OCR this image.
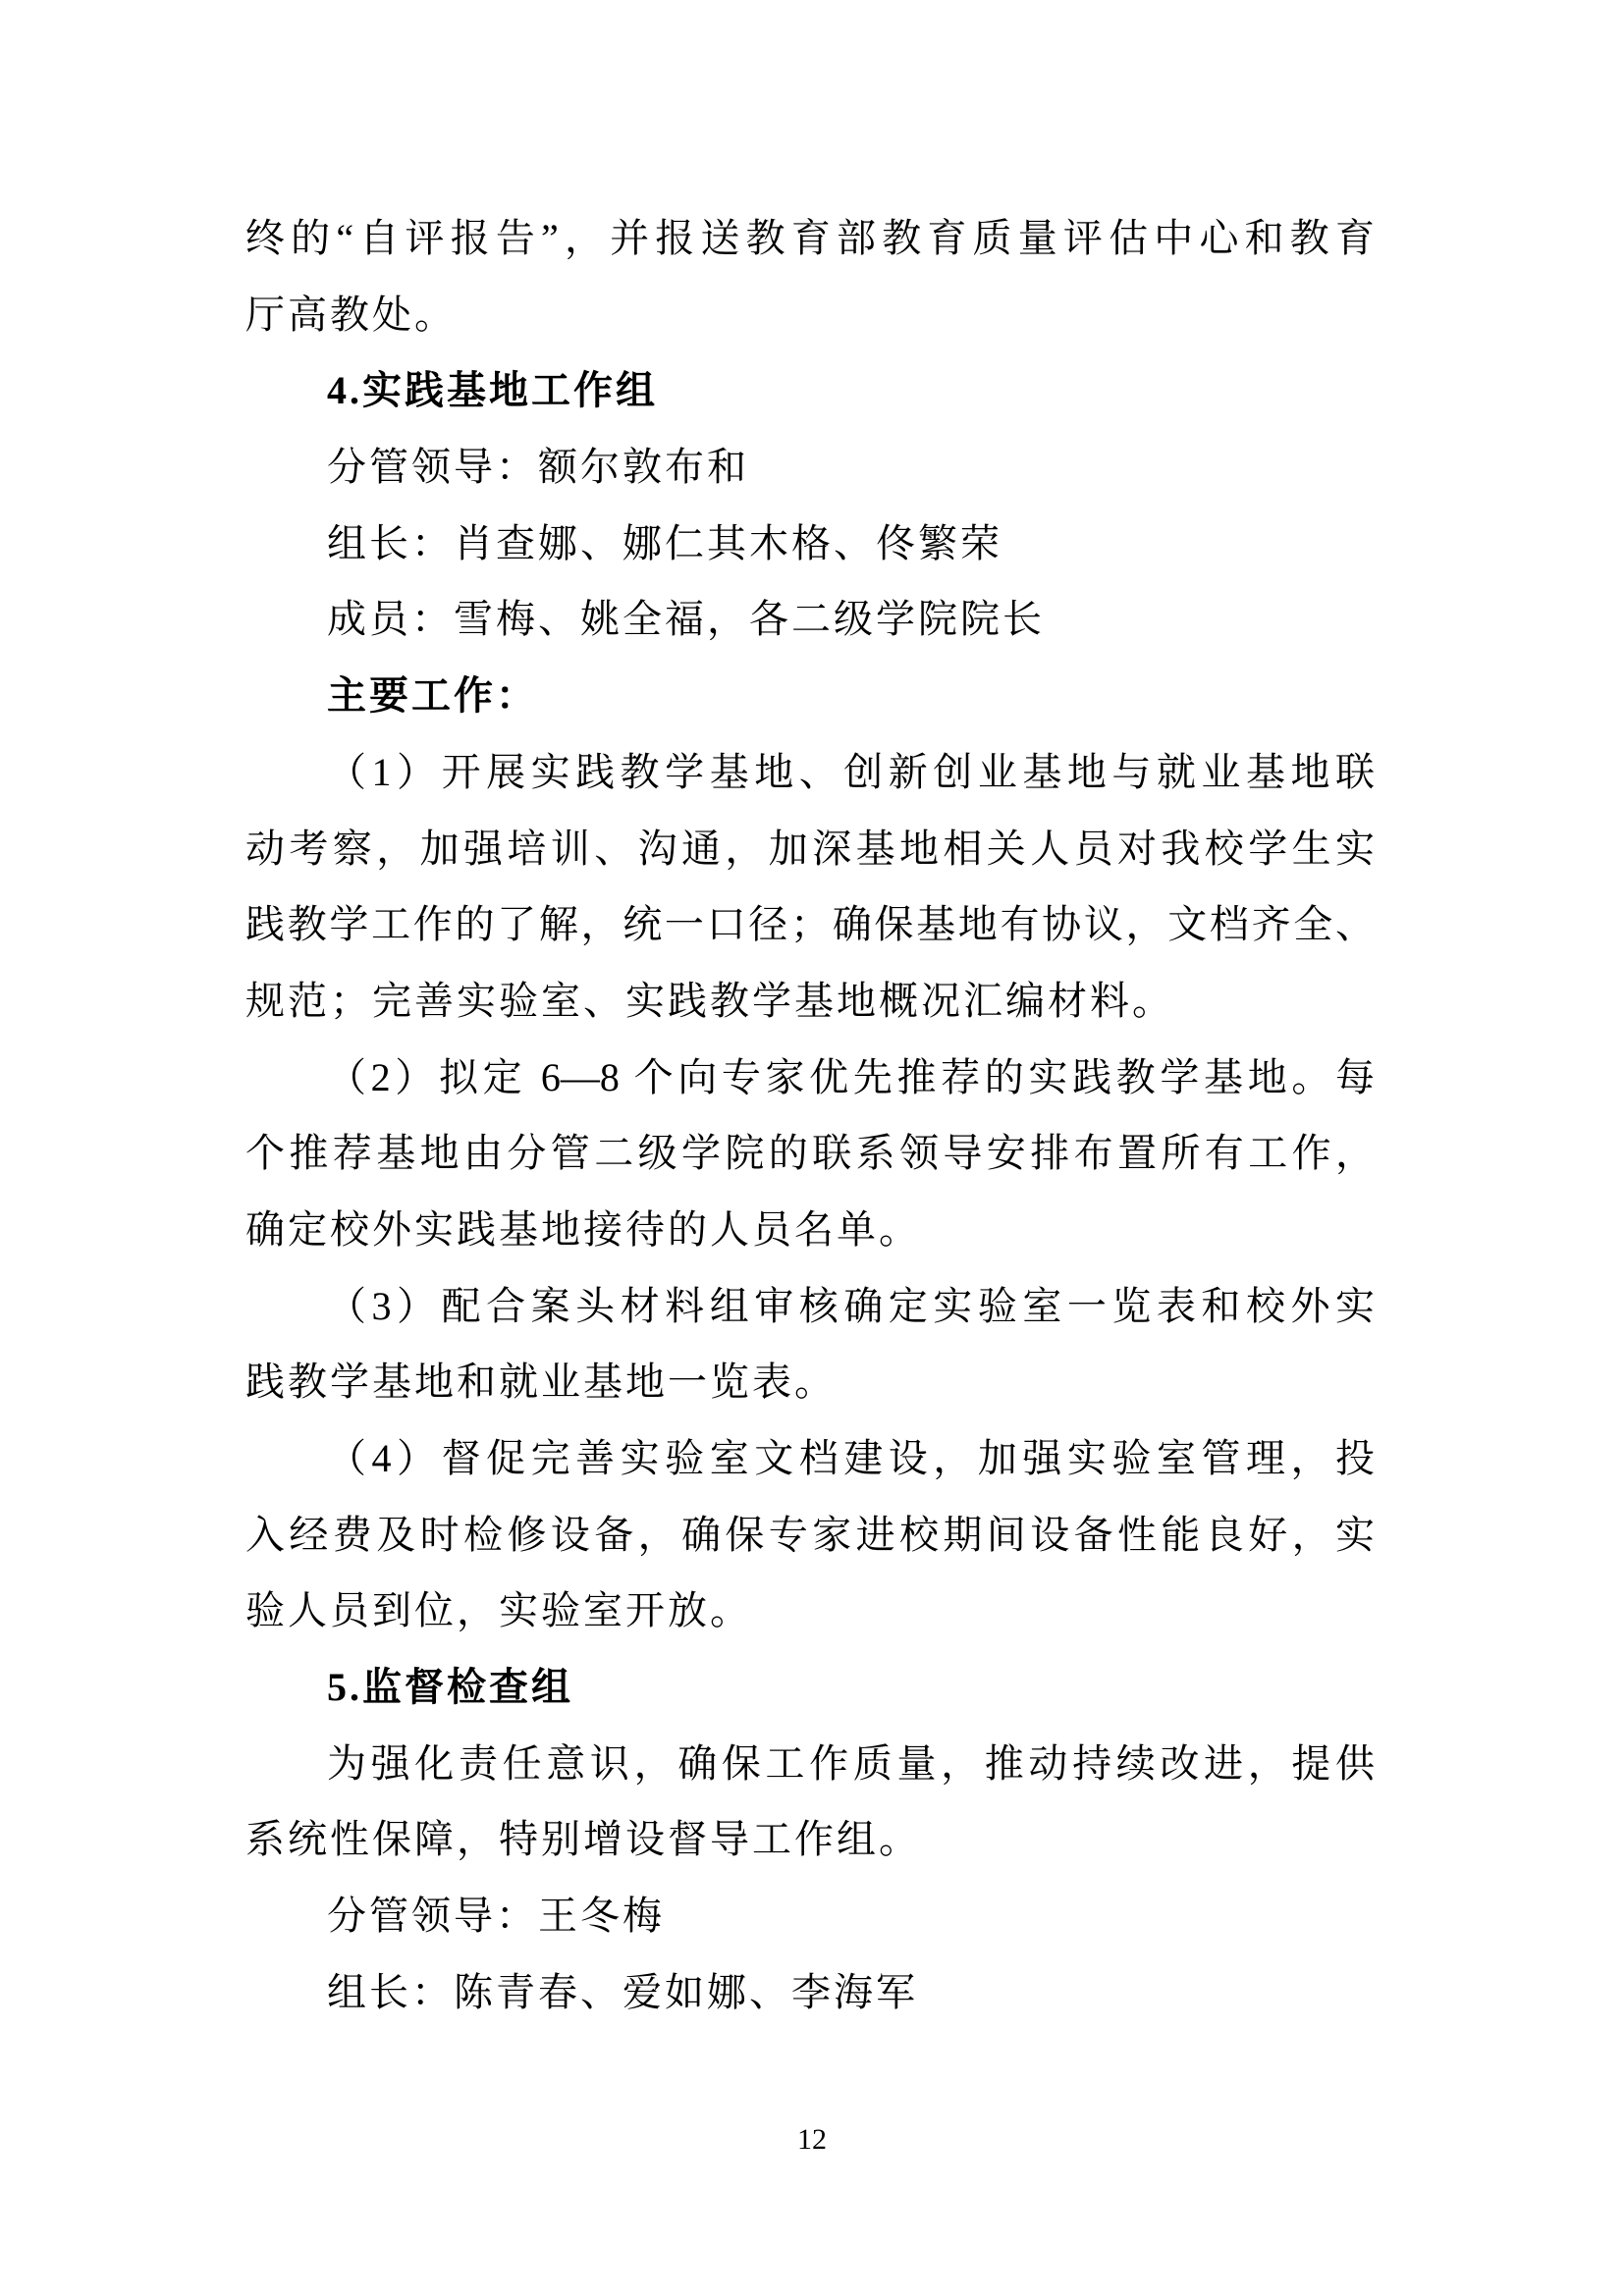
终的“自评报告”，并报送教育部教育质量评估中心和教育
厅高教处。
4.实践基地工作组
分管领导：额尔敦布和
组长：肖查娜、娜仁其木格、佟繁荣
成员：雪梅、姚全福，各二级学院院长
主要工作：
（1）开展实践教学基地、创新创业基地与就业基地联
动考察，加强培训、沟通，加深基地相关人员对我校学生实
践教学工作的了解，统一口径；确保基地有协议，文档齐全、
规范；完善实验室、实践教学基地概况汇编材料。
（2）拟定 6—8 个向专家优先推荐的实践教学基地。每
个推荐基地由分管二级学院的联系领导安排布置所有工作，
确定校外实践基地接待的人员名单。
（3）配合案头材料组审核确定实验室一览表和校外实
践教学基地和就业基地一览表。
（4）督促完善实验室文档建设，加强实验室管理，投
入经费及时检修设备，确保专家进校期间设备性能良好，实
验人员到位，实验室开放。
5.监督检查组
为强化责任意识，确保工作质量，推动持续改进，提供
系统性保障，特别增设督导工作组。
分管领导：王冬梅
组长：陈青春、爱如娜、李海军
12
